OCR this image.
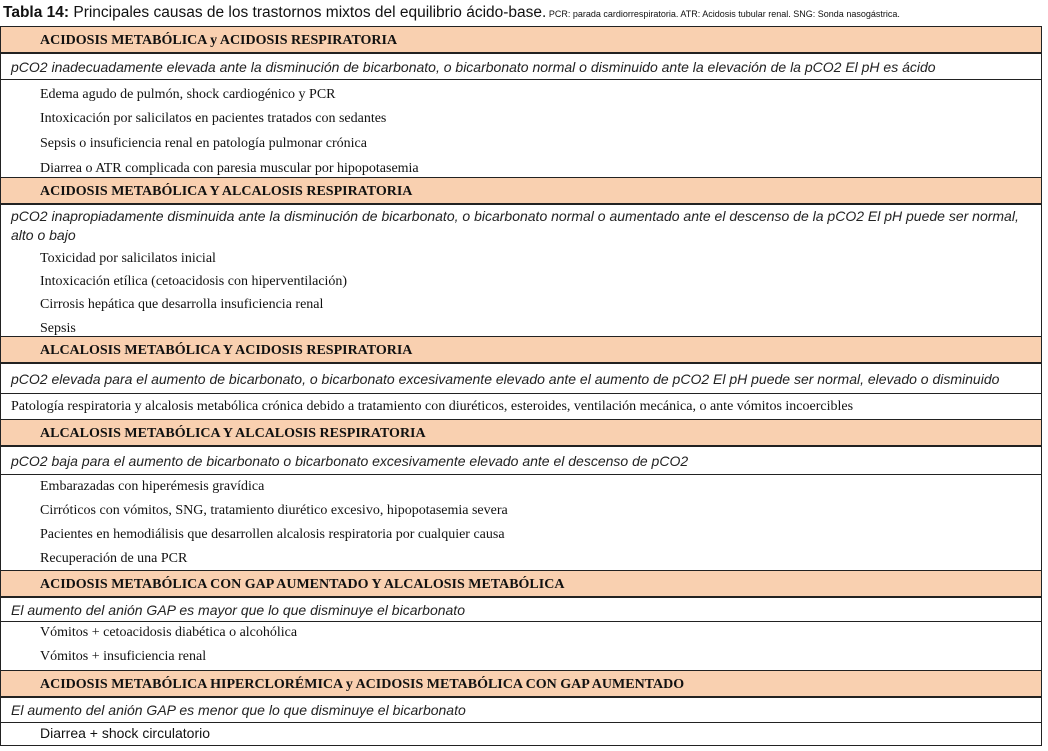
Tabla 14: Principales causas de los trastornos mixtos del equilibrio ácido-base. PCR: parada cardiorrespiratoria. ATR: Acidosis tubular renal. SNG: Sonda nasogástrica.
ACIDOSIS METABÓLICA y ACIDOSIS RESPIRATORIA
pCO2 inadecuadamente elevada ante la disminución de bicarbonato, o bicarbonato normal o disminuido ante la elevación de la pCO2 El pH es ácido
Edema agudo de pulmón, shock cardiogénico y PCR
Intoxicación por salicilatos en pacientes tratados con sedantes
Sepsis o insuficiencia renal en patología pulmonar crónica
Diarrea o ATR complicada con paresia muscular por hipopotasemia
ACIDOSIS METABÓLICA Y ALCALOSIS RESPIRATORIA
pCO2 inapropiadamente disminuida ante la disminución de bicarbonato, o bicarbonato normal o aumentado ante el descenso de la pCO2 El pH puede ser normal, alto o bajo
Toxicidad por salicilatos inicial
Intoxicación etílica (cetoacidosis con hiperventilación)
Cirrosis hepática que desarrolla insuficiencia renal
Sepsis
ALCALOSIS METABÓLICA Y ACIDOSIS RESPIRATORIA
pCO2 elevada para el aumento de bicarbonato, o bicarbonato excesivamente elevado ante el aumento de pCO2 El pH puede ser normal, elevado o disminuido
Patología respiratoria y alcalosis metabólica crónica debido a tratamiento con diuréticos, esteroides, ventilación mecánica, o ante vómitos incoercibles
ALCALOSIS METABÓLICA Y ALCALOSIS RESPIRATORIA
pCO2 baja para el aumento de bicarbonato o bicarbonato excesivamente elevado ante el descenso de pCO2
Embarazadas con hiperémesis gravídica
Cirróticos con vómitos, SNG, tratamiento diurético excesivo, hipopotasemia severa
Pacientes en hemodiálisis que desarrollen alcalosis respiratoria por cualquier causa
Recuperación de una PCR
ACIDOSIS METABÓLICA CON GAP AUMENTADO Y ALCALOSIS METABÓLICA
El aumento del anión GAP es mayor que lo que disminuye el bicarbonato
Vómitos + cetoacidosis diabética o alcohólica
Vómitos + insuficiencia renal
ACIDOSIS METABÓLICA HIPERCLORÉMICA y ACIDOSIS METABÓLICA CON GAP AUMENTADO
El aumento del anión GAP es menor que lo que disminuye el bicarbonato
Diarrea + shock circulatorio
